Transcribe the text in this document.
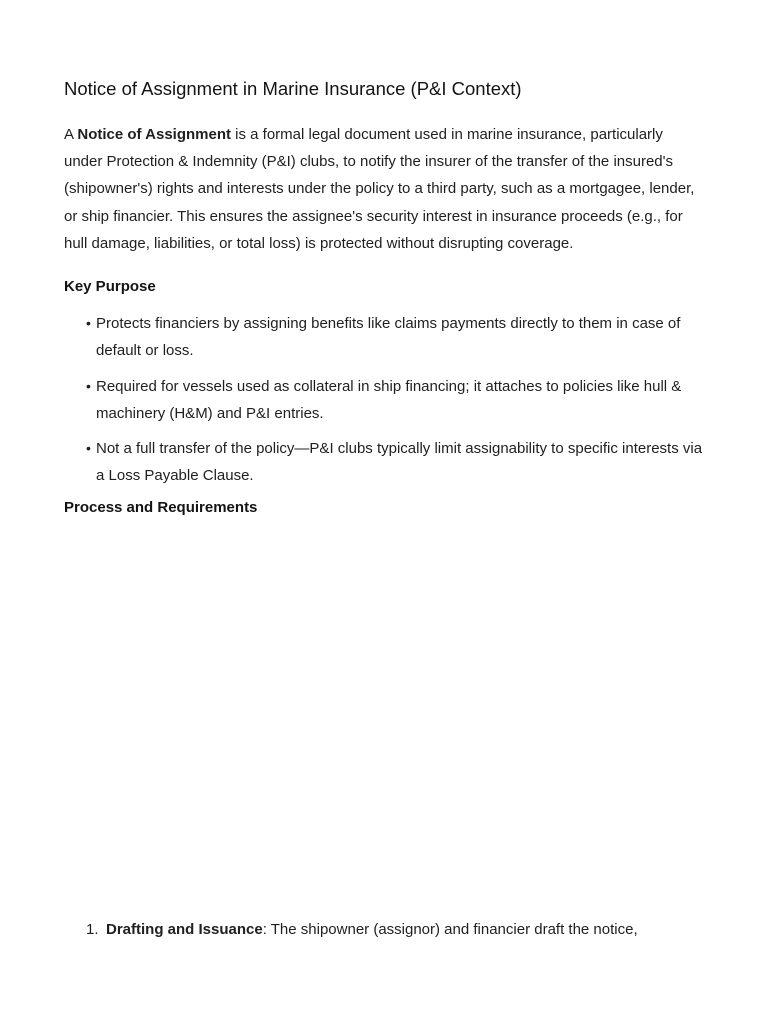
Notice of Assignment in Marine Insurance (P&I Context)

A Notice of Assignment is a formal legal document used in marine insurance, particularly under Protection & Indemnity (P&I) clubs, to notify the insurer of the transfer of the insured's (shipowner's) rights and interests under the policy to a third party, such as a mortgagee, lender, or ship financier. This ensures the assignee's security interest in insurance proceeds (e.g., for hull damage, liabilities, or total loss) is protected without disrupting coverage.

Key Purpose
• Protects financiers by assigning benefits like claims payments directly to them in case of default or loss.
• Required for vessels used as collateral in ship financing; it attaches to policies like hull & machinery (H&M) and P&I entries.
• Not a full transfer of the policy—P&I clubs typically limit assignability to specific interests via a Loss Payable Clause.
Process and Requirements
1. Drafting and Issuance: The shipowner (assignor) and financier draft the notice,
